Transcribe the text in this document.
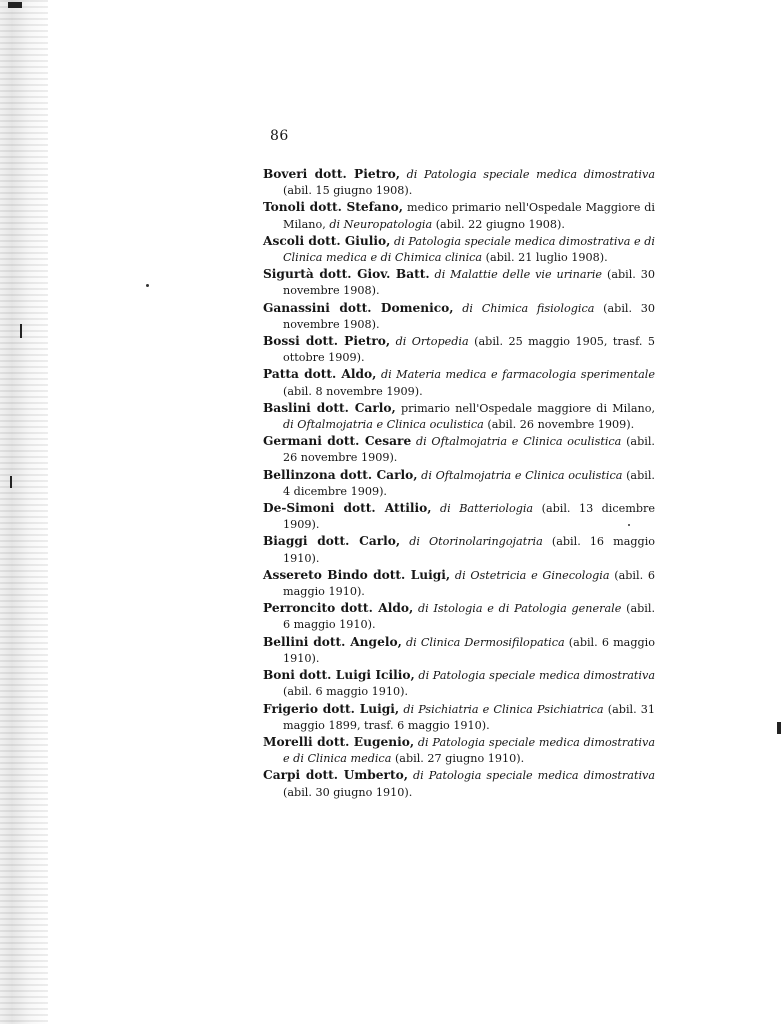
86

Boveri dott. Pietro, di Patologia speciale medica dimostrativa (abil. 15 giugno 1908).

Tonoli dott. Stefano, medico primario nell'Ospedale Maggiore di Milano, di Neuropatologia (abil. 22 giugno 1908).

Ascoli dott. Giulio, di Patologia speciale medica dimostrativa e di Clinica medica e di Chimica clinica (abil. 21 luglio 1908).

Sigurtà dott. Giov. Batt. di Malattie delle vie urinarie (abil. 30 novembre 1908).

Ganassini dott. Domenico, di Chimica fisiologica (abil. 30 novembre 1908).

Bossi dott. Pietro, di Ortopedia (abil. 25 maggio 1905, trasf. 5 ottobre 1909).

Patta dott. Aldo, di Materia medica e farmacologia sperimentale (abil. 8 novembre 1909).

Baslini dott. Carlo, primario nell'Ospedale maggiore di Milano, di Oftalmojatria e Clinica oculistica (abil. 26 novembre 1909).

Germani dott. Cesare di Oftalmojatria e Clinica oculistica (abil. 26 novembre 1909).

Bellinzona dott. Carlo, di Oftalmojatria e Clinica oculistica (abil. 4 dicembre 1909).

De-Simoni dott. Attilio, di Batteriologia (abil. 13 dicembre 1909).

Biaggi dott. Carlo, di Otorinolaringojatria (abil. 16 maggio 1910).

Assereto Bindo dott. Luigi, di Ostetricia e Ginecologia (abil. 6 maggio 1910).

Perroncito dott. Aldo, di Istologia e di Patologia generale (abil. 6 maggio 1910).

Bellini dott. Angelo, di Clinica Dermosifilopatica (abil. 6 maggio 1910).

Boni dott. Luigi Icilio, di Patologia speciale medica dimostrativa (abil. 6 maggio 1910).

Frigerio dott. Luigi, di Psichiatria e Clinica Psichiatrica (abil. 31 maggio 1899, trasf. 6 maggio 1910).

Morelli dott. Eugenio, di Patologia speciale medica dimostrativa e di Clinica medica (abil. 27 giugno 1910).

Carpi dott. Umberto, di Patologia speciale medica dimostrativa (abil. 30 giugno 1910).
